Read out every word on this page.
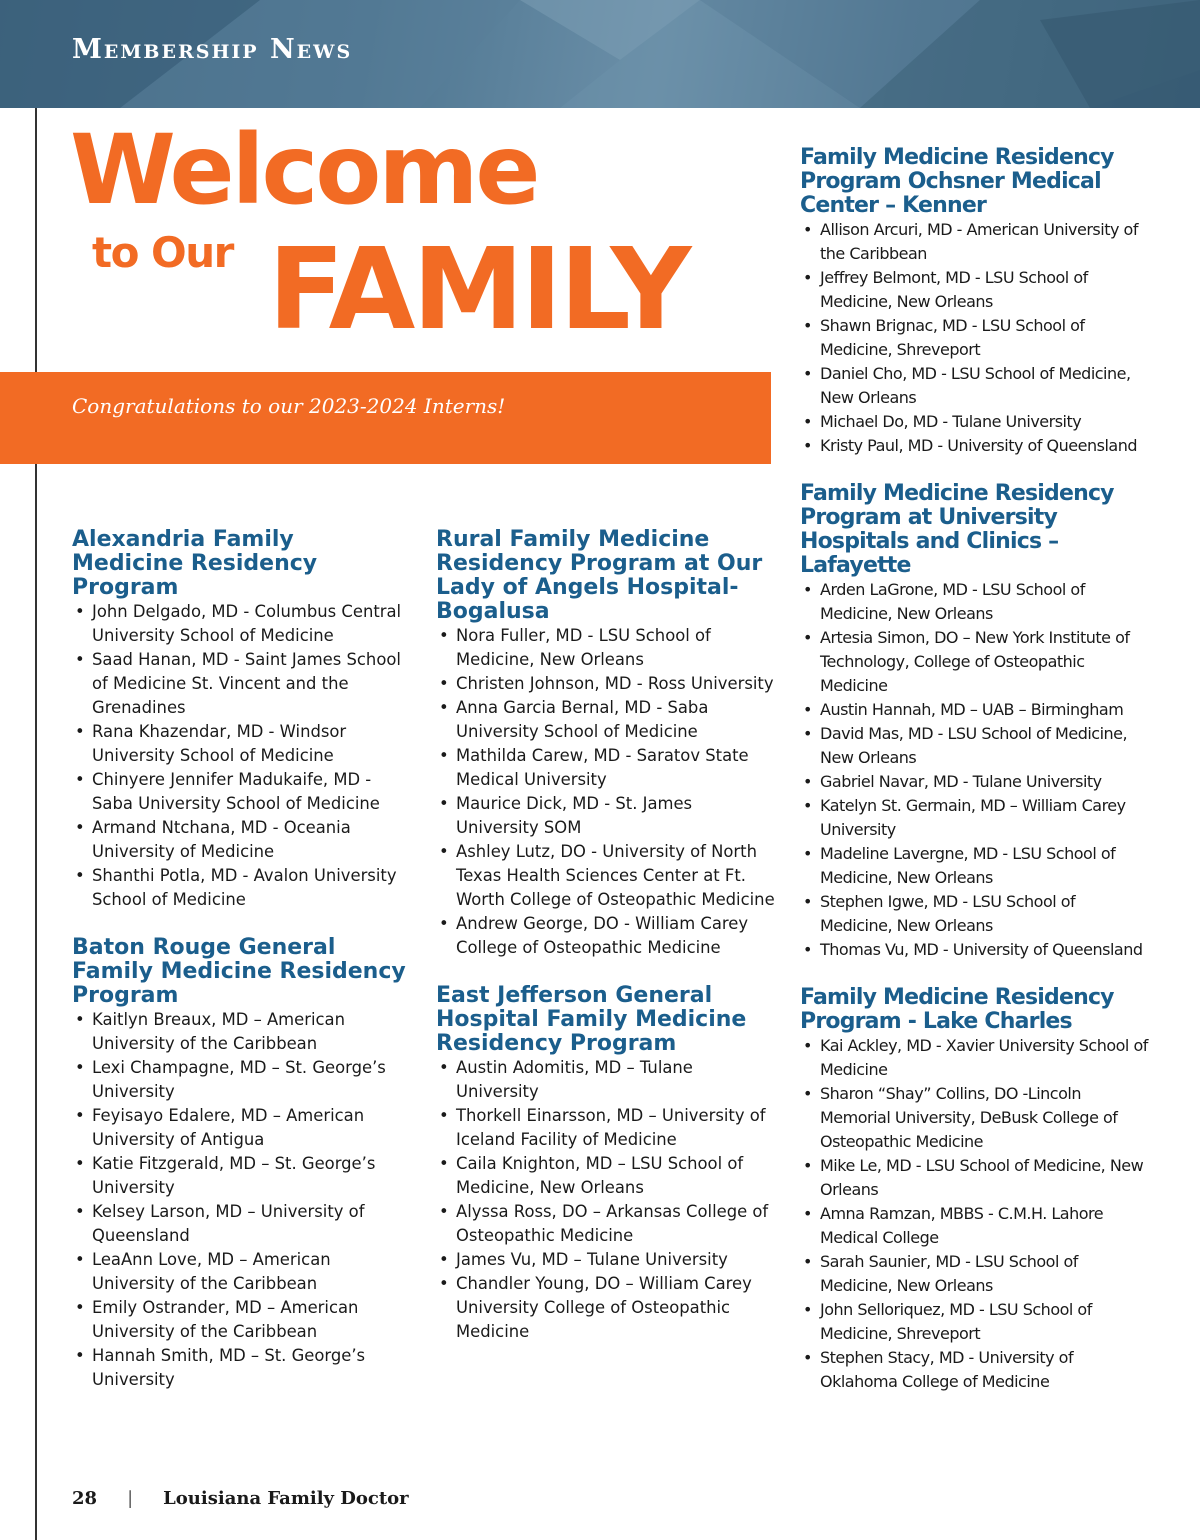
Membership News
Welcome
to Our FAMILY
Congratulations to our 2023-2024 Interns!
Alexandria Family Medicine Residency Program
• John Delgado, MD - Columbus Central University School of Medicine
• Saad Hanan, MD - Saint James School of Medicine St. Vincent and the Grenadines
• Rana Khazendar, MD - Windsor University School of Medicine
• Chinyere Jennifer Madukaife, MD - Saba University School of Medicine
• Armand Ntchana, MD - Oceania University of Medicine
• Shanthi Potla, MD - Avalon University School of Medicine
Baton Rouge General Family Medicine Residency Program
• Kaitlyn Breaux, MD – American University of the Caribbean
• Lexi Champagne, MD – St. George’s University
• Feyisayo Edalere, MD – American University of Antigua
• Katie Fitzgerald, MD – St. George’s University
• Kelsey Larson, MD – University of Queensland
• LeaAnn Love, MD – American University of the Caribbean
• Emily Ostrander, MD – American University of the Caribbean
• Hannah Smith, MD – St. George’s University
Rural Family Medicine Residency Program at Our Lady of Angels Hospital-Bogalusa
• Nora Fuller, MD - LSU School of Medicine, New Orleans
• Christen Johnson, MD - Ross University
• Anna Garcia Bernal, MD - Saba University School of Medicine
• Mathilda Carew, MD - Saratov State Medical University
• Maurice Dick, MD - St. James University SOM
• Ashley Lutz, DO - University of North Texas Health Sciences Center at Ft. Worth College of Osteopathic Medicine
• Andrew George, DO - William Carey College of Osteopathic Medicine
East Jefferson General Hospital Family Medicine Residency Program
• Austin Adomitis, MD – Tulane University
• Thorkell Einarsson, MD – University of Iceland Facility of Medicine
• Caila Knighton, MD – LSU School of Medicine, New Orleans
• Alyssa Ross, DO – Arkansas College of Osteopathic Medicine
• James Vu, MD – Tulane University
• Chandler Young, DO – William Carey University College of Osteopathic Medicine
Family Medicine Residency Program Ochsner Medical Center – Kenner
• Allison Arcuri, MD - American University of the Caribbean
• Jeffrey Belmont, MD - LSU School of Medicine, New Orleans
• Shawn Brignac, MD - LSU School of Medicine, Shreveport
• Daniel Cho, MD - LSU School of Medicine, New Orleans
• Michael Do, MD - Tulane University
• Kristy Paul, MD - University of Queensland
Family Medicine Residency Program at University Hospitals and Clinics – Lafayette
• Arden LaGrone, MD - LSU School of Medicine, New Orleans
• Artesia Simon, DO – New York Institute of Technology, College of Osteopathic Medicine
• Austin Hannah, MD – UAB – Birmingham
• David Mas, MD - LSU School of Medicine, New Orleans
• Gabriel Navar, MD - Tulane University
• Katelyn St. Germain, MD – William Carey University
• Madeline Lavergne, MD - LSU School of Medicine, New Orleans
• Stephen Igwe, MD - LSU School of Medicine, New Orleans
• Thomas Vu, MD - University of Queensland
Family Medicine Residency Program - Lake Charles
• Kai Ackley, MD - Xavier University School of Medicine
• Sharon “Shay” Collins, DO -Lincoln Memorial University, DeBusk College of Osteopathic Medicine
• Mike Le, MD - LSU School of Medicine, New Orleans
• Amna Ramzan, MBBS - C.M.H. Lahore Medical College
• Sarah Saunier, MD - LSU School of Medicine, New Orleans
• John Selloriquez, MD - LSU School of Medicine, Shreveport
• Stephen Stacy, MD - University of Oklahoma College of Medicine
28 | Louisiana Family Doctor
